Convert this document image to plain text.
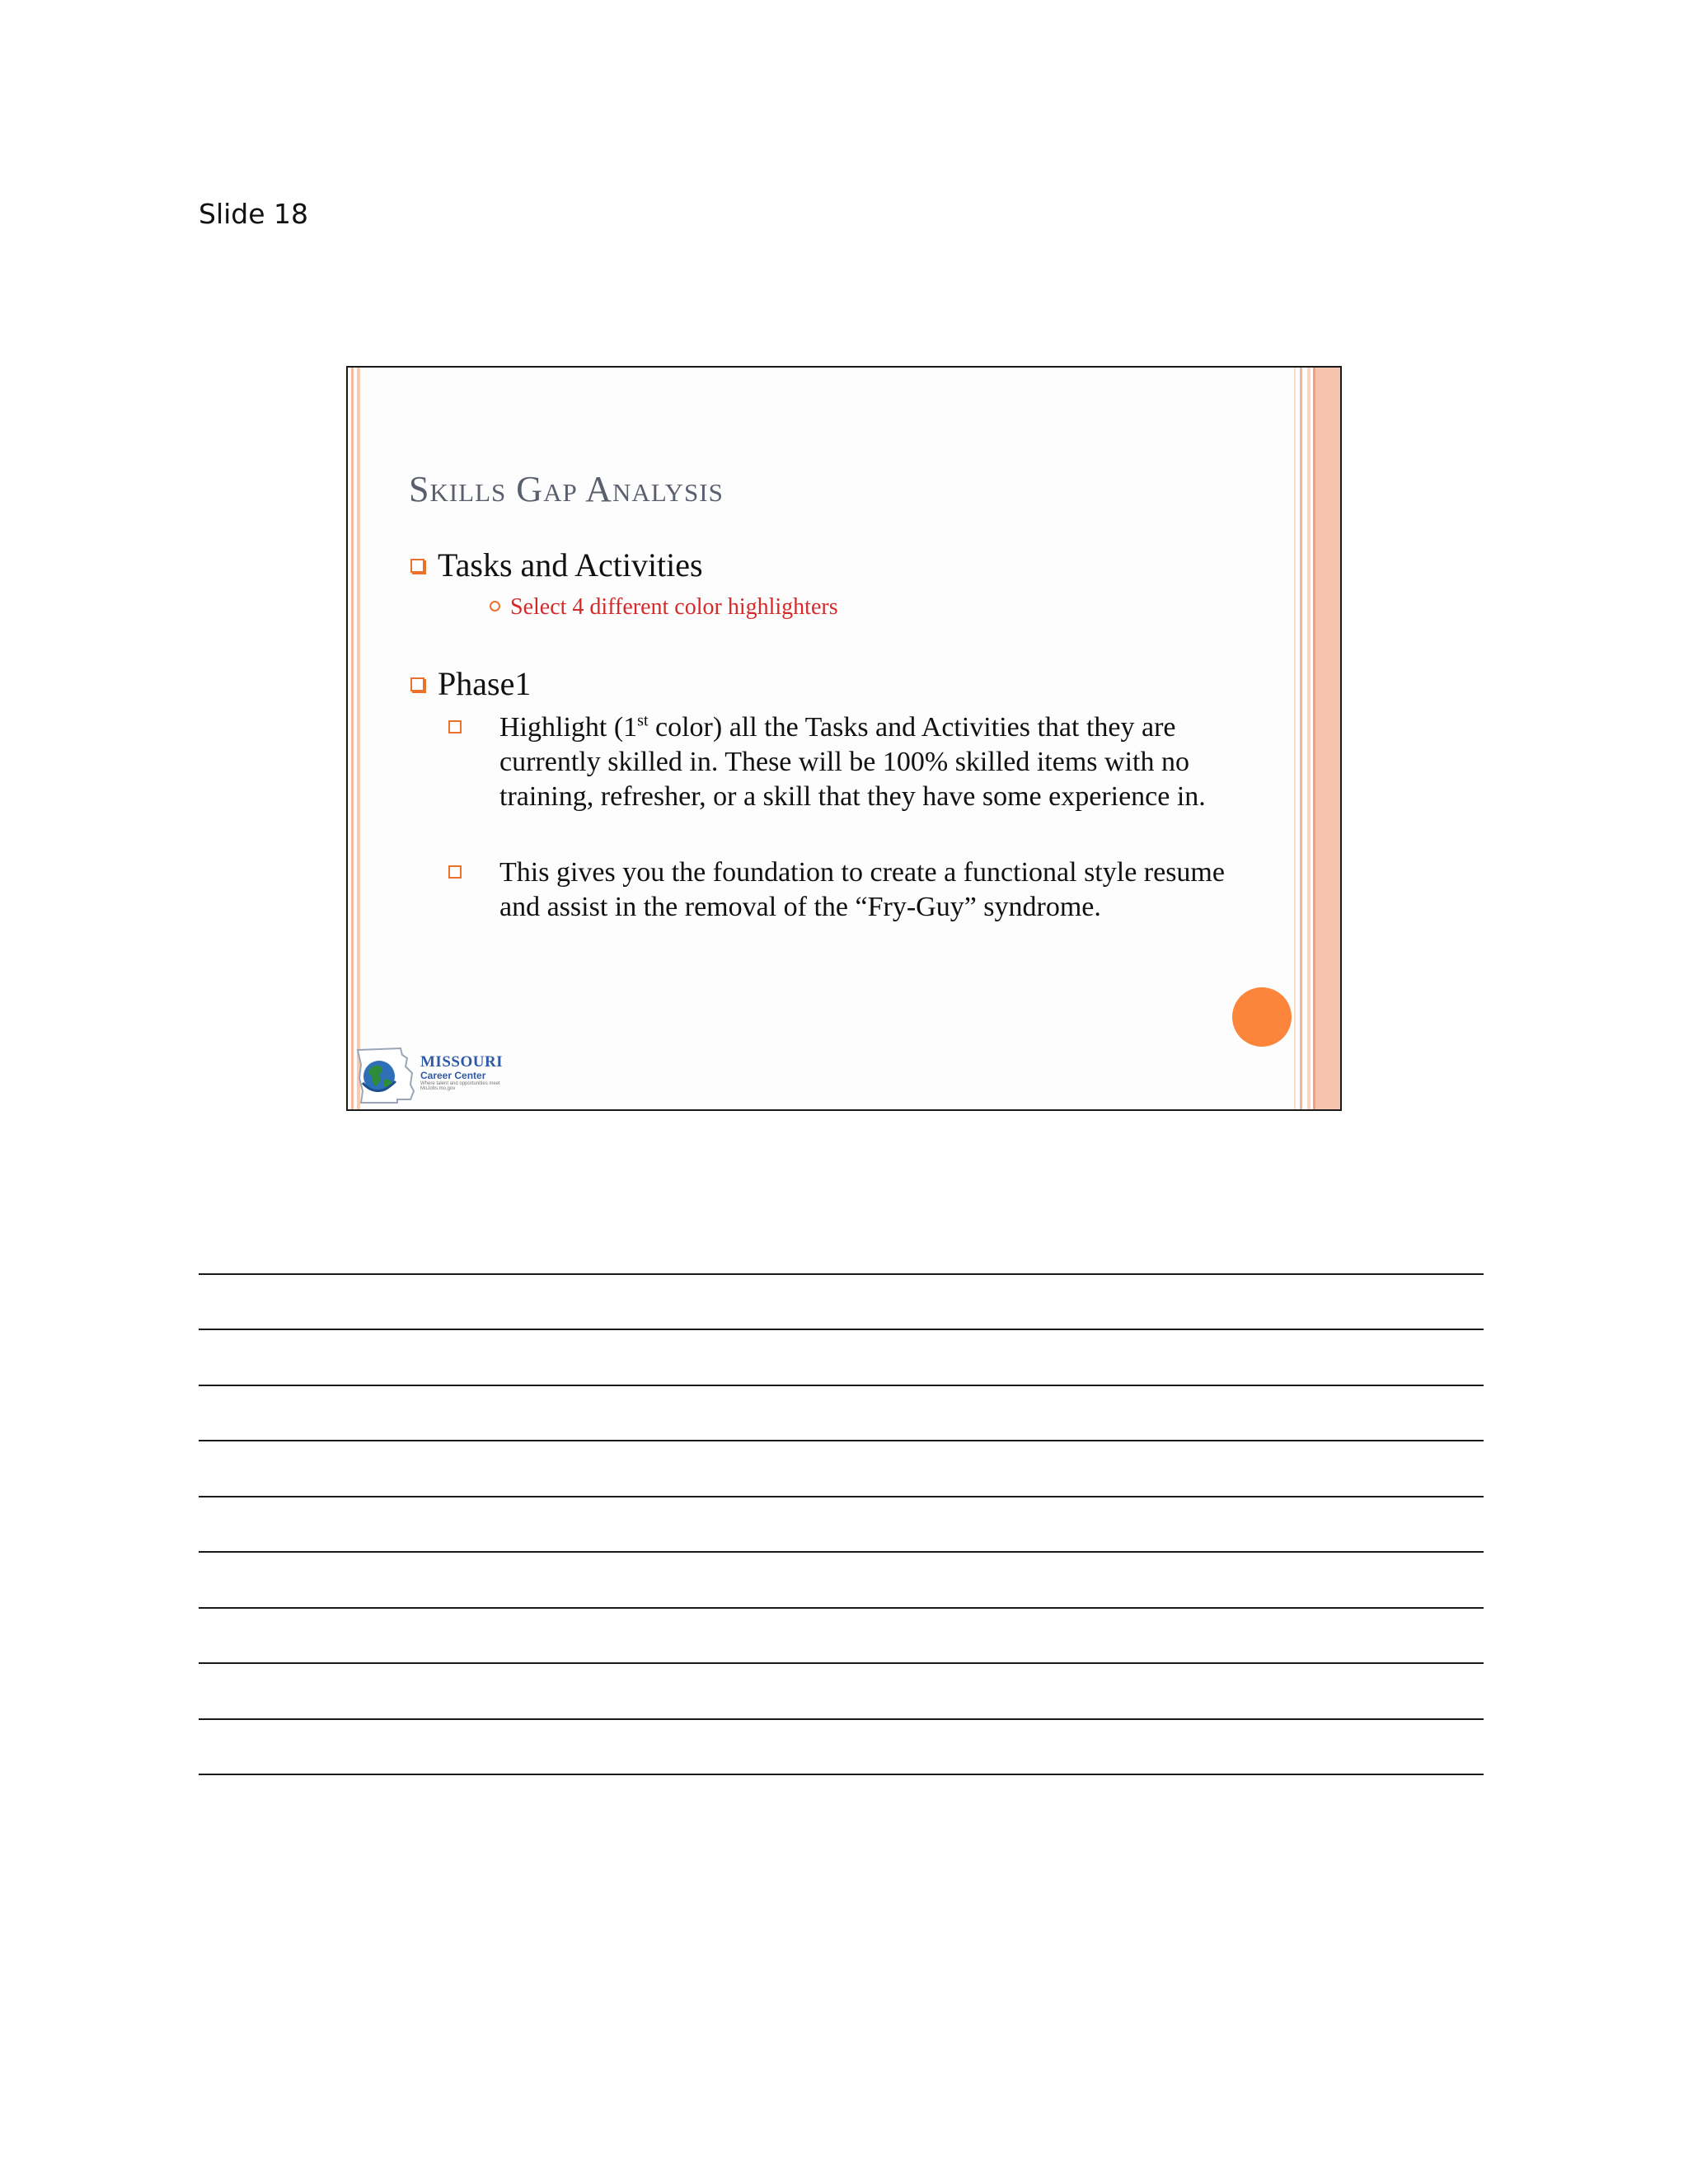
Slide 18
Skills Gap Analysis
Tasks and Activities
Select 4 different color highlighters
Phase1
Highlight (1st color) all the Tasks and Activities that they are currently skilled in. These will be 100% skilled items with no training, refresher, or a skill that they have some experience in.
This gives you the foundation to create a functional style resume and assist in the removal of the “Fry-Guy” syndrome.
MISSOURI
Career Center
Where talent and opportunities meet
MoJobs.mo.gov
